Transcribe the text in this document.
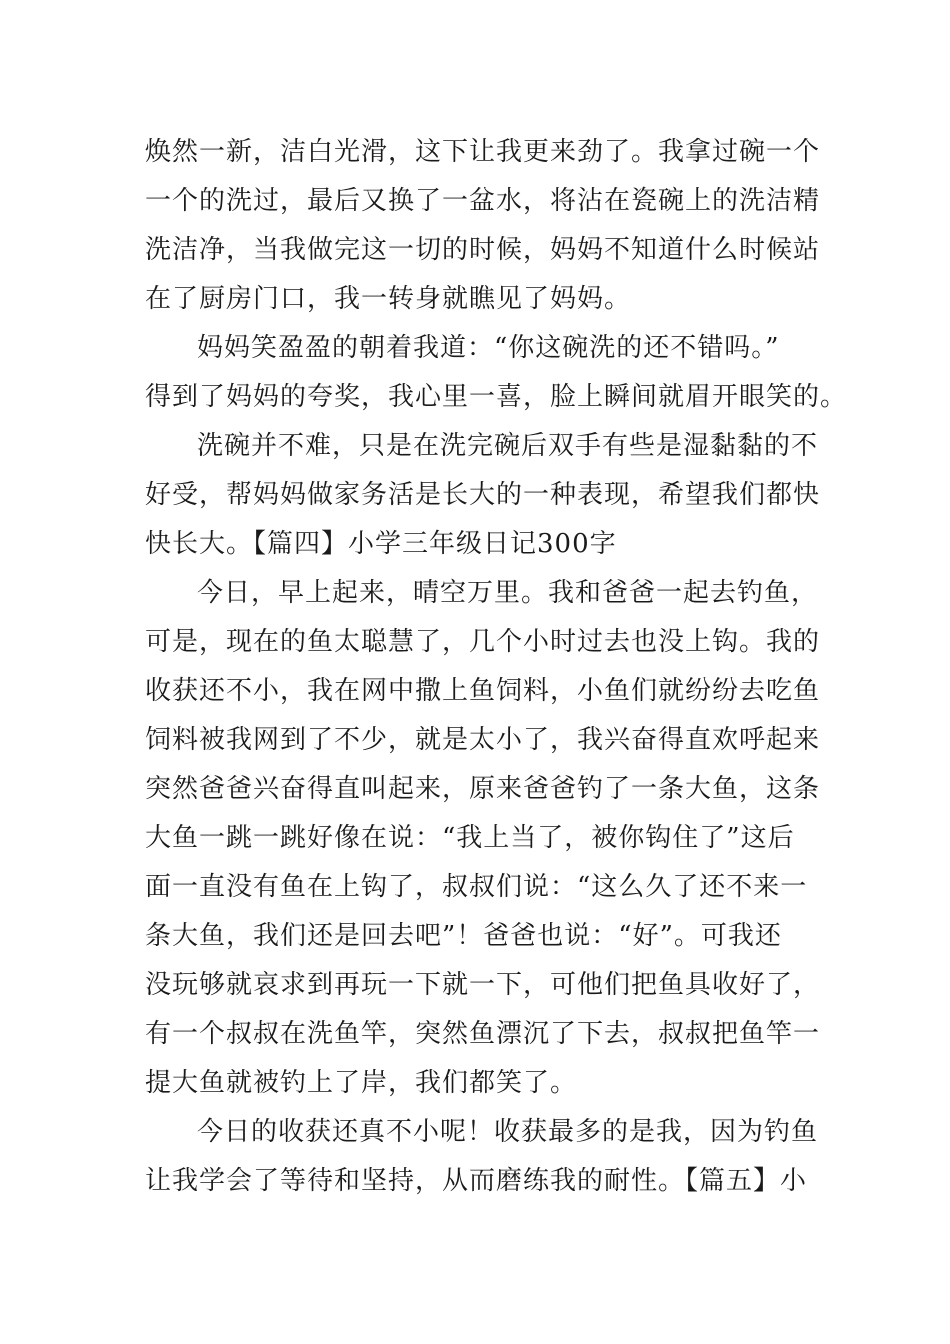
焕然一新，洁白光滑，这下让我更来劲了。我拿过碗一个
一个的洗过，最后又换了一盆水，将沾在瓷碗上的洗洁精
洗洁净，当我做完这一切的时候，妈妈不知道什么时候站
在了厨房门口，我一转身就瞧见了妈妈。
妈妈笑盈盈的朝着我道：“你这碗洗的还不错吗。”
得到了妈妈的夸奖，我心里一喜，脸上瞬间就眉开眼笑的。
洗碗并不难，只是在洗完碗后双手有些是湿黏黏的不
好受，帮妈妈做家务活是长大的一种表现，希望我们都快
快长大。【篇四】小学三年级日记300字
今日，早上起来，晴空万里。我和爸爸一起去钓鱼，
可是，现在的鱼太聪慧了，几个小时过去也没上钩。我的
收获还不小，我在网中撒上鱼饲料，小鱼们就纷纷去吃鱼
饲料被我网到了不少，就是太小了，我兴奋得直欢呼起来
突然爸爸兴奋得直叫起来，原来爸爸钓了一条大鱼，这条
大鱼一跳一跳好像在说：“我上当了，被你钩住了”这后
面一直没有鱼在上钩了，叔叔们说：“这么久了还不来一
条大鱼，我们还是回去吧”！爸爸也说：“好”。可我还
没玩够就哀求到再玩一下就一下，可他们把鱼具收好了，
有一个叔叔在洗鱼竿，突然鱼漂沉了下去，叔叔把鱼竿一
提大鱼就被钓上了岸，我们都笑了。
今日的收获还真不小呢！收获最多的是我，因为钓鱼
让我学会了等待和坚持，从而磨练我的耐性。【篇五】小
